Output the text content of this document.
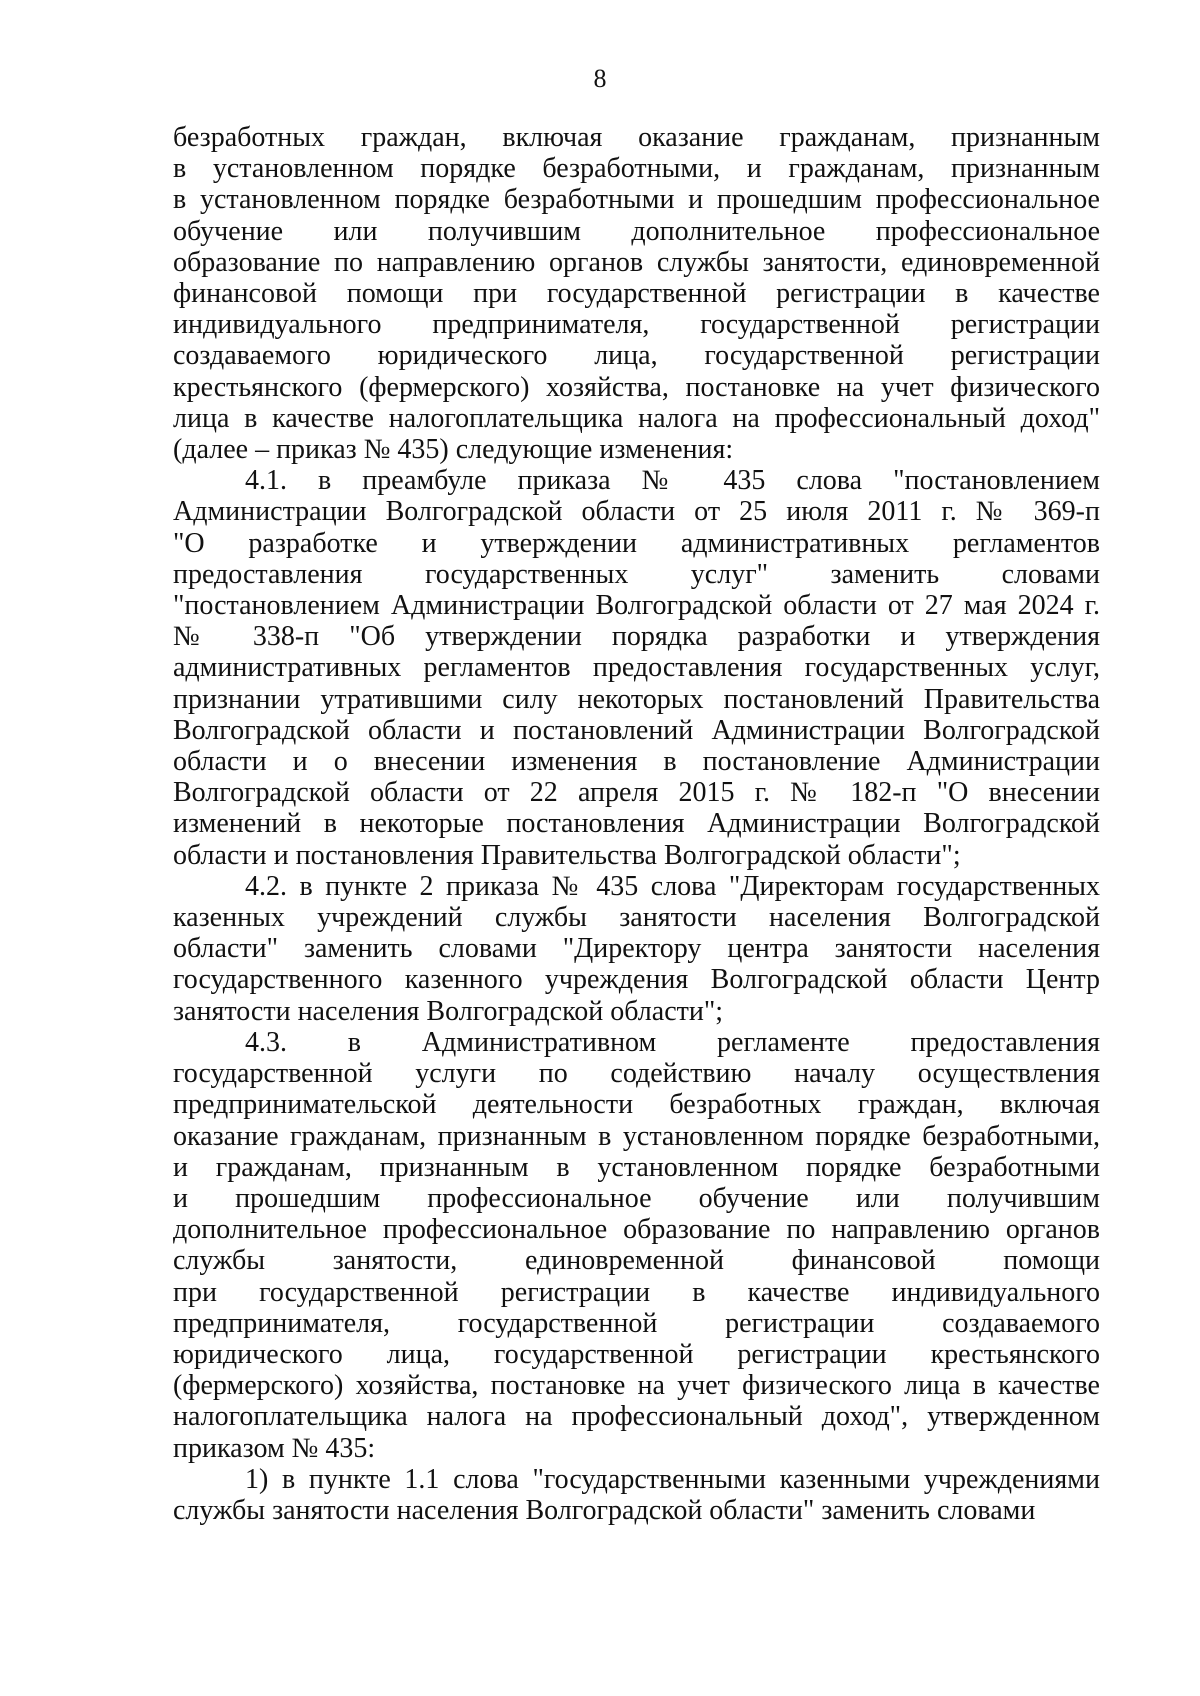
8
безработных граждан, включая оказание гражданам, признанным
в установленном порядке безработными, и гражданам, признанным
в установленном порядке безработными и прошедшим профессиональное
обучение или получившим дополнительное профессиональное
образование по направлению органов службы занятости, единовременной
финансовой помощи при государственной регистрации в качестве
индивидуального предпринимателя, государственной регистрации
создаваемого юридического лица, государственной регистрации
крестьянского (фермерского) хозяйства, постановке на учет физического
лица в качестве налогоплательщика налога на профессиональный доход"
(далее – приказ № 435) следующие изменения:
4.1. в преамбуле приказа № 435 слова "постановлением
Администрации Волгоградской области от 25 июля 2011 г. № 369-п
"О разработке и утверждении административных регламентов
предоставления государственных услуг" заменить словами
"постановлением Администрации Волгоградской области от 27 мая 2024 г.
№ 338-п "Об утверждении порядка разработки и утверждения
административных регламентов предоставления государственных услуг,
признании утратившими силу некоторых постановлений Правительства
Волгоградской области и постановлений Администрации Волгоградской
области и о внесении изменения в постановление Администрации
Волгоградской области от 22 апреля 2015 г. № 182-п "О внесении
изменений в некоторые постановления Администрации Волгоградской
области и постановления Правительства Волгоградской области";
4.2. в пункте 2 приказа № 435 слова "Директорам государственных
казенных учреждений службы занятости населения Волгоградской
области" заменить словами "Директору центра занятости населения
государственного казенного учреждения Волгоградской области Центр
занятости населения Волгоградской области";
4.3. в Административном регламенте предоставления
государственной услуги по содействию началу осуществления
предпринимательской деятельности безработных граждан, включая
оказание гражданам, признанным в установленном порядке безработными,
и гражданам, признанным в установленном порядке безработными
и прошедшим профессиональное обучение или получившим
дополнительное профессиональное образование по направлению органов
службы занятости, единовременной финансовой помощи
при государственной регистрации в качестве индивидуального
предпринимателя, государственной регистрации создаваемого
юридического лица, государственной регистрации крестьянского
(фермерского) хозяйства, постановке на учет физического лица в качестве
налогоплательщика налога на профессиональный доход", утвержденном
приказом № 435:
1) в пункте 1.1 слова "государственными казенными учреждениями
службы занятости населения Волгоградской области" заменить словами
